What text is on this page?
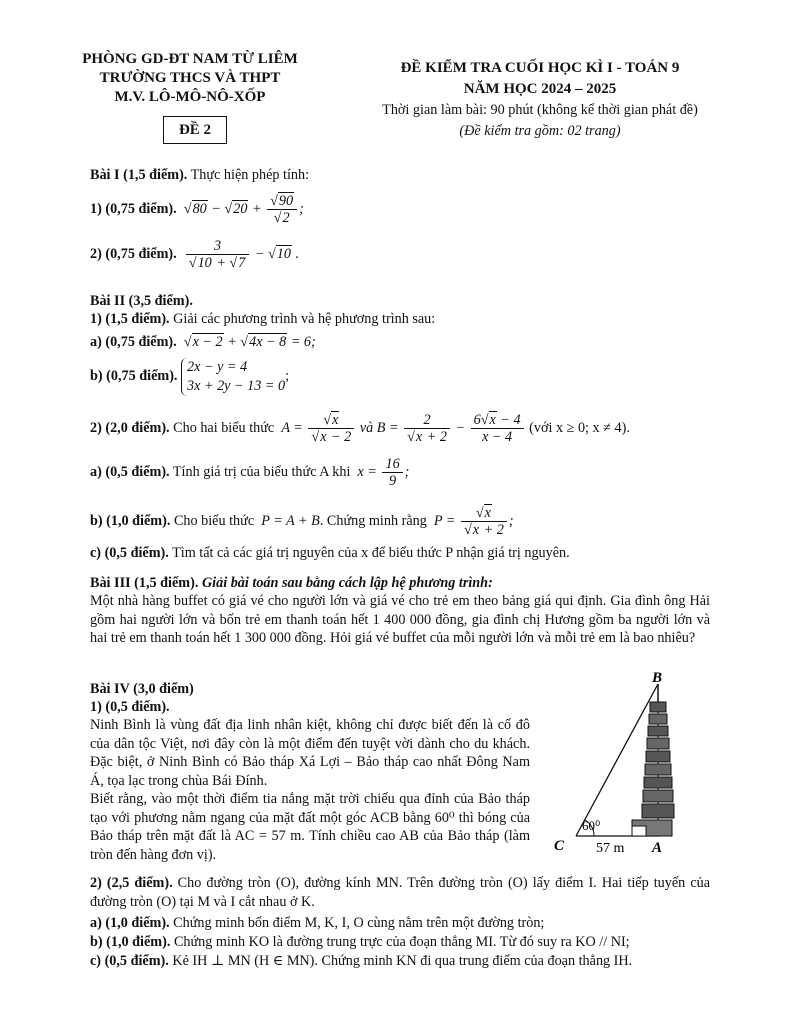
PHÒNG GD-ĐT NAM TỪ LIÊM
TRƯỜNG THCS VÀ THPT
M.V. LÔ-MÔ-NÔ-XỐP
ĐỀ 2
ĐỀ KIỂM TRA CUỐI HỌC KÌ I - TOÁN 9
NĂM HỌC 2024 – 2025
Thời gian làm bài: 90 phút (không kể thời gian phát đề)
(Đề kiểm tra gồm: 02 trang)
Bài I (1,5 điểm). Thực hiện phép tính:
1) (0,75 điểm).  $√80 - √20 + \frac{√90}{√2}$ ;
2) (0,75 điểm). $\frac{3}{√10 + √7} - √10$ .
Bài II (3,5 điểm).
1) (1,5 điểm). Giải các phương trình và hệ phương trình sau:
a) (0,75 điểm).  √x − 2 + √4x − 8 = 6;
b) (0,75 điểm). 2x − y = 4
3x + 2y − 13 = 0;
2) (2,0 điểm). Cho hai biểu thức  $A = \frac{√x}{√x - 2}$ và $B = \frac{2}{√x + 2} - \frac{6√x - 4}{x - 4}$ (với x ≥ 0; x ≠ 4).
a) (0,5 điểm). Tính giá trị của biểu thức A khi  $x = \frac{16}{9}$ ;
b) (1,0 điểm). Cho biểu thức  P = A + B. Chứng minh rằng  $P = \frac{√x}{√x + 2}$ ;
c) (0,5 điểm). Tìm tất cả các giá trị nguyên của x để biểu thức P nhận giá trị nguyên.
Bài III (1,5 điểm). Giải bài toán sau bằng cách lập hệ phương trình:
Một nhà hàng buffet có giá vé cho người lớn và giá vé cho trẻ em theo bảng giá qui định. Gia đình ông Hải gồm hai người lớn và bốn trẻ em thanh toán hết 1 400 000 đồng, gia đình chị Hương gồm ba người lớn và hai trẻ em thanh toán hết 1 300 000 đồng. Hỏi giá vé buffet của mỗi người lớn và mỗi trẻ em là bao nhiêu?
Bài IV (3,0 điểm)
1) (0,5 điểm).
Ninh Bình là vùng đất địa linh nhân kiệt, không chỉ được biết đến là cố đô của dân tộc Việt, nơi đây còn là một điểm đến tuyệt vời dành cho du khách. Đặc biệt, ở Ninh Bình có Bảo tháp Xá Lợi – Bảo tháp cao nhất Đông Nam Á, tọa lạc trong chùa Bái Đính.
Biết rằng, vào một thời điểm tia nắng mặt trời chiếu qua đỉnh của Bảo tháp tạo với phương nằm ngang của mặt đất một góc ACB bằng 60⁰ thì bóng của Bảo tháp trên mặt đất là AC = 57 m. Tính chiều cao AB của Bảo tháp (làm tròn đến hàng đơn vị).
B
C	A
60⁰
57 m
2) (2,5 điểm). Cho đường tròn (O), đường kính MN. Trên đường tròn (O) lấy điểm I. Hai tiếp tuyến của đường tròn (O) tại M và I cắt nhau ở K.
a) (1,0 điểm). Chứng minh bốn điểm M, K, I, O cùng nằm trên một đường tròn;
b) (1,0 điểm). Chứng minh KO là đường trung trực của đoạn thẳng MI. Từ đó suy ra KO // NI;
c) (0,5 điểm). Kẻ IH ⊥ MN (H ∈ MN). Chứng minh KN đi qua trung điểm của đoạn thẳng IH.
